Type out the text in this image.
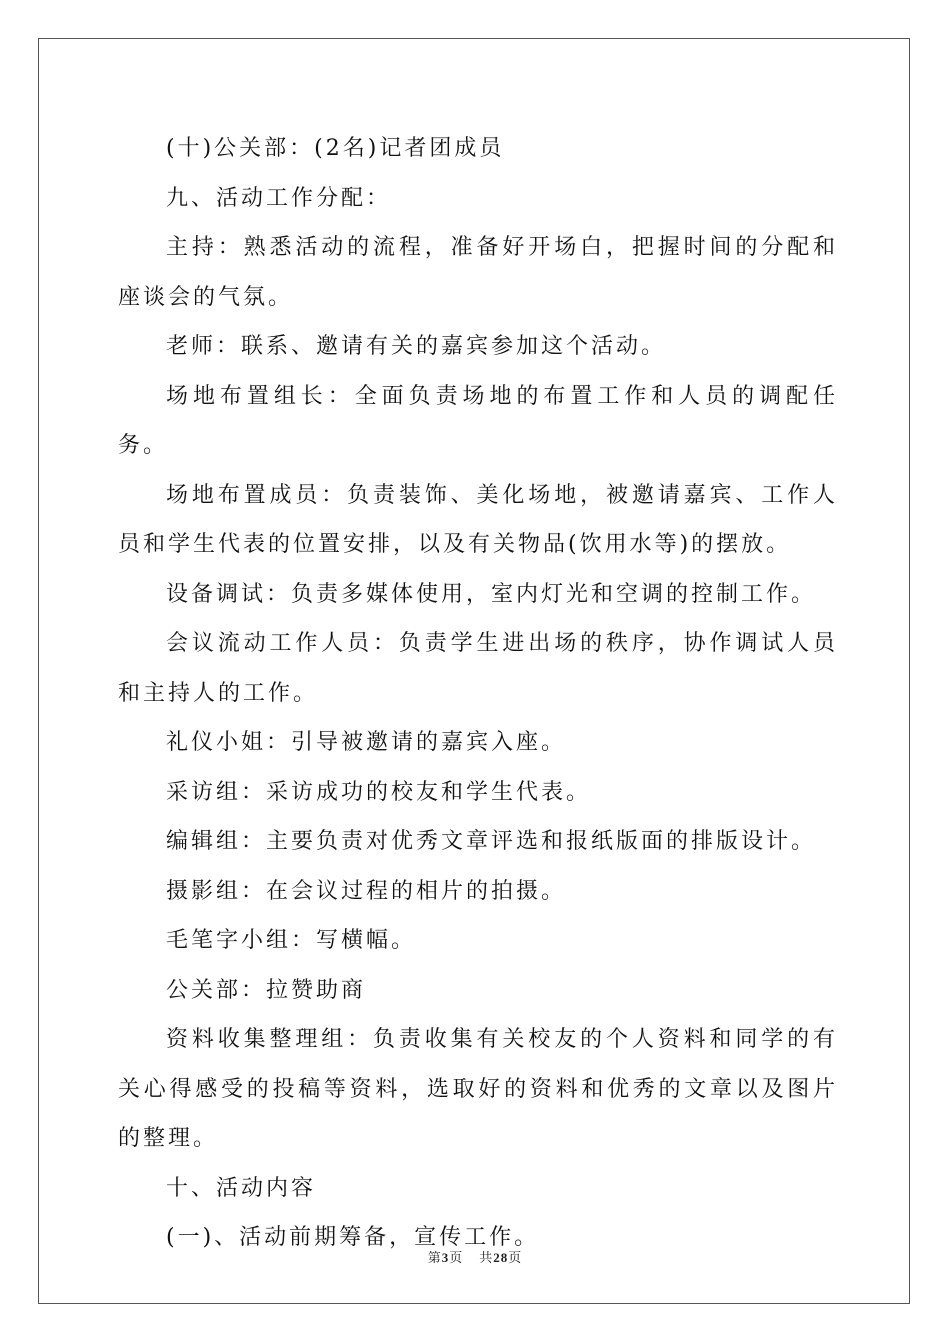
(十)公关部：(2名)记者团成员

九、活动工作分配：

主持：熟悉活动的流程，准备好开场白，把握时间的分配和座谈会的气氛。

老师：联系、邀请有关的嘉宾参加这个活动。

场地布置组长：全面负责场地的布置工作和人员的调配任务。

场地布置成员：负责装饰、美化场地，被邀请嘉宾、工作人员和学生代表的位置安排，以及有关物品(饮用水等)的摆放。

设备调试：负责多媒体使用，室内灯光和空调的控制工作。

会议流动工作人员：负责学生进出场的秩序，协作调试人员和主持人的工作。

礼仪小姐：引导被邀请的嘉宾入座。

采访组：采访成功的校友和学生代表。

编辑组：主要负责对优秀文章评选和报纸版面的排版设计。

摄影组：在会议过程的相片的拍摄。

毛笔字小组：写横幅。

公关部：拉赞助商

资料收集整理组：负责收集有关校友的个人资料和同学的有关心得感受的投稿等资料，选取好的资料和优秀的文章以及图片的整理。

十、活动内容

(一)、活动前期筹备，宣传工作。

第3页 共28页
